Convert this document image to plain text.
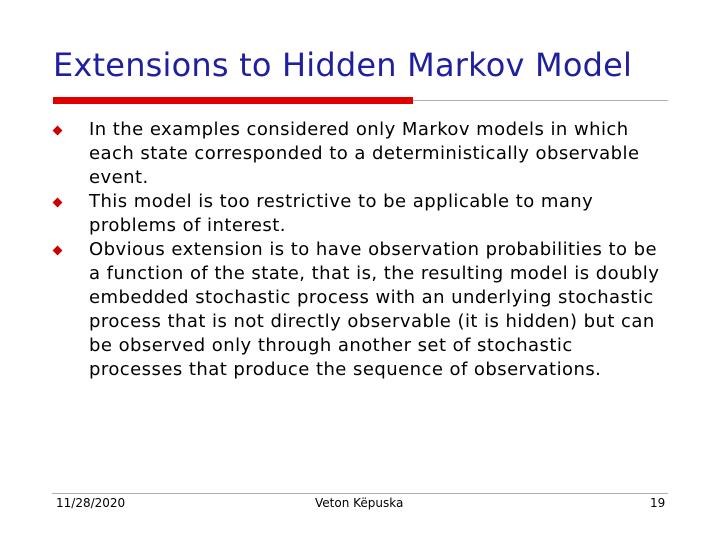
Extensions to Hidden Markov Model
In the examples considered only Markov models in which each state corresponded to a deterministically observable event.
This model is too restrictive to be applicable to many problems of interest.
Obvious extension is to have observation probabilities to be a function of the state, that is, the resulting model is doubly embedded stochastic process with an underlying stochastic process that is not directly observable (it is hidden) but can be observed only through another set of stochastic processes that produce the sequence of observations.
11/28/2020	Veton Këpuska	19
